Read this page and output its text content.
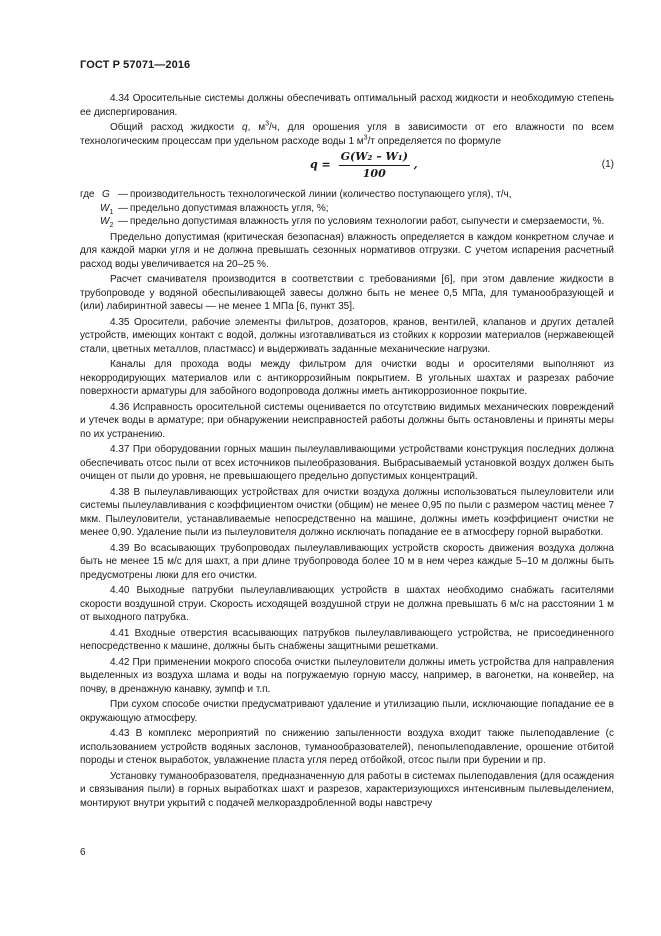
ГОСТ Р 57071—2016

4.34 Оросительные системы должны обеспечивать оптимальный расход жидкости и необходимую степень ее диспергирования.

Общий расход жидкости q, $м^3/ч$, для орошения угля в зависимости от его влажности по всем технологическим процессам при удельном расходе воды 1 $м^3/т$ определяется по формуле

$q = \frac{\text{G(W₂ – W₁)}}{100}$ ,	(1)
где G — производительность технологической линии (количество поступающего угля), т/ч,
$W_1$ — предельно допустимая влажность угля, %;
$W_2$ — предельно допустимая влажность угля по условиям технологии работ, сыпучести и смерзаемости, %.

Предельно допустимая (критическая безопасная) влажность определяется в каждом конкретном случае и для каждой марки угля и не должна превышать сезонных нормативов отгрузки. С учетом испарения расчетный расход воды увеличивается на 20–25 %.

Расчет смачивателя производится в соответствии с требованиями [6], при этом давление жидкости в трубопроводе у водяной обеспыливающей завесы должно быть не менее 0,5 МПа, для туманообразующей и (или) лабиринтной завесы — не менее 1 МПа [6, пункт 35].

4.35 Оросители, рабочие элементы фильтров, дозаторов, кранов, вентилей, клапанов и других деталей устройств, имеющих контакт с водой, должны изготавливаться из стойких к коррозии материалов (нержавеющей стали, цветных металлов, пластмасс) и выдерживать заданные механические нагрузки.

Каналы для прохода воды между фильтром для очистки воды и оросителями выполняют из некорродирующих материалов или с антикоррозийным покрытием. В угольных шахтах и разрезах рабочие поверхности арматуры для забойного водопровода должны иметь антикоррозионное покрытие.

4.36 Исправность оросительной системы оценивается по отсутствию видимых механических повреждений и утечек воды в арматуре; при обнаружении неисправностей работы должны быть остановлены и приняты меры по их устранению.

4.37 При оборудовании горных машин пылеулавливающими устройствами конструкция последних должна обеспечивать отсос пыли от всех источников пылеобразования. Выбрасываемый установкой воздух должен быть очищен от пыли до уровня, не превышающего предельно допустимых концентраций.

4.38 В пылеулавливающих устройствах для очистки воздуха должны использоваться пылеуловители или системы пылеулавливания с коэффициентом очистки (общим) не менее 0,95 по пыли с размером частиц менее 7 мкм. Пылеуловители, устанавливаемые непосредственно на машине, должны иметь коэффициент очистки не менее 0,90. Удаление пыли из пылеуловителя должно исключать попадание ее в атмосферу горной выработки.

4.39 Во всасывающих трубопроводах пылеулавливающих устройств скорость движения воздуха должна быть не менее 15 м/с для шахт, а при длине трубопровода более 10 м в нем через каждые 5–10 м должны быть предусмотрены люки для его очистки.

4.40 Выходные патрубки пылеулавливающих устройств в шахтах необходимо снабжать гасителями скорости воздушной струи. Скорость исходящей воздушной струи не должна превышать 6 м/с на расстоянии 1 м от выходного патрубка.

4.41 Входные отверстия всасывающих патрубков пылеулавливающего устройства, не присоединенного непосредственно к машине, должны быть снабжены защитными решетками.

4.42 При применении мокрого способа очистки пылеуловители должны иметь устройства для направления выделенных из воздуха шлама и воды на погружаемую горную массу, например, в вагонетки, на конвейер, на почву, в дренажную канавку, зумпф и т.п.

При сухом способе очистки предусматривают удаление и утилизацию пыли, исключающие попадание ее в окружающую атмосферу.

4.43 В комплекс мероприятий по снижению запыленности воздуха входит также пылеподавление (с использованием устройств водяных заслонов, туманообразователей), пенопылеподавление, орошение отбитой породы и стенок выработок, увлажнение пласта угля перед отбойкой, отсос пыли при бурении и пр.

Установку туманообразователя, предназначенную для работы в системах пылеподавления (для осаждения и связывания пыли) в горных выработках шахт и разрезов, характеризующихся интенсивным пылевыделением, монтируют внутри укрытий с подачей мелкораздробленной воды навстречу

6
